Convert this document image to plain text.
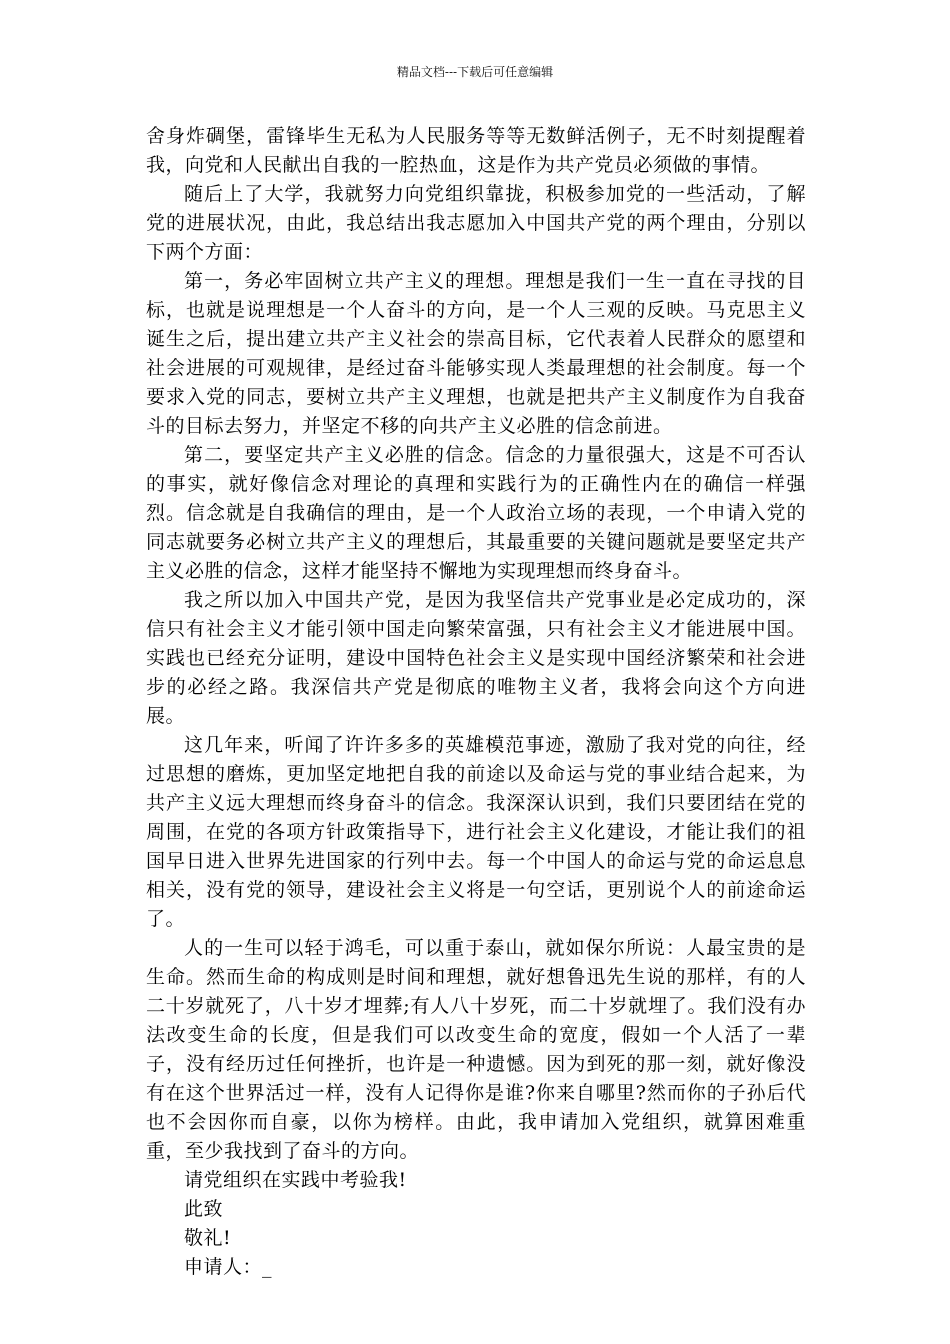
精品文档---下载后可任意编辑

舍身炸碉堡，雷锋毕生无私为人民服务等等无数鲜活例子，无不时刻提醒着我，向党和人民献出自我的一腔热血，这是作为共产党员必须做的事情。

随后上了大学，我就努力向党组织靠拢，积极参加党的一些活动，了解党的进展状况，由此，我总结出我志愿加入中国共产党的两个理由，分别以下两个方面：

第一，务必牢固树立共产主义的理想。理想是我们一生一直在寻找的目标，也就是说理想是一个人奋斗的方向，是一个人三观的反映。马克思主义诞生之后，提出建立共产主义社会的崇高目标，它代表着人民群众的愿望和社会进展的可观规律，是经过奋斗能够实现人类最理想的社会制度。每一个要求入党的同志，要树立共产主义理想，也就是把共产主义制度作为自我奋斗的目标去努力，并坚定不移的向共产主义必胜的信念前进。

第二，要坚定共产主义必胜的信念。信念的力量很强大，这是不可否认的事实，就好像信念对理论的真理和实践行为的正确性内在的确信一样强烈。信念就是自我确信的理由，是一个人政治立场的表现，一个申请入党的同志就要务必树立共产主义的理想后，其最重要的关键问题就是要坚定共产主义必胜的信念，这样才能坚持不懈地为实现理想而终身奋斗。

我之所以加入中国共产党，是因为我坚信共产党事业是必定成功的，深信只有社会主义才能引领中国走向繁荣富强，只有社会主义才能进展中国。实践也已经充分证明，建设中国特色社会主义是实现中国经济繁荣和社会进步的必经之路。我深信共产党是彻底的唯物主义者，我将会向这个方向进展。

这几年来，听闻了许许多多的英雄模范事迹，激励了我对党的向往，经过思想的磨炼，更加坚定地把自我的前途以及命运与党的事业结合起来，为共产主义远大理想而终身奋斗的信念。我深深认识到，我们只要团结在党的周围，在党的各项方针政策指导下，进行社会主义化建设，才能让我们的祖国早日进入世界先进国家的行列中去。每一个中国人的命运与党的命运息息相关，没有党的领导，建设社会主义将是一句空话，更别说个人的前途命运了。

人的一生可以轻于鸿毛，可以重于泰山，就如保尔所说：人最宝贵的是生命。然而生命的构成则是时间和理想，就好想鲁迅先生说的那样，有的人二十岁就死了，八十岁才埋葬;有人八十岁死，而二十岁就埋了。我们没有办法改变生命的长度，但是我们可以改变生命的宽度，假如一个人活了一辈子，没有经历过任何挫折，也许是一种遗憾。因为到死的那一刻，就好像没有在这个世界活过一样，没有人记得你是谁?你来自哪里?然而你的子孙后代也不会因你而自豪，以你为榜样。由此，我申请加入党组织，就算困难重重，至少我找到了奋斗的方向。

请党组织在实践中考验我!

此致

敬礼!

申请人：_
